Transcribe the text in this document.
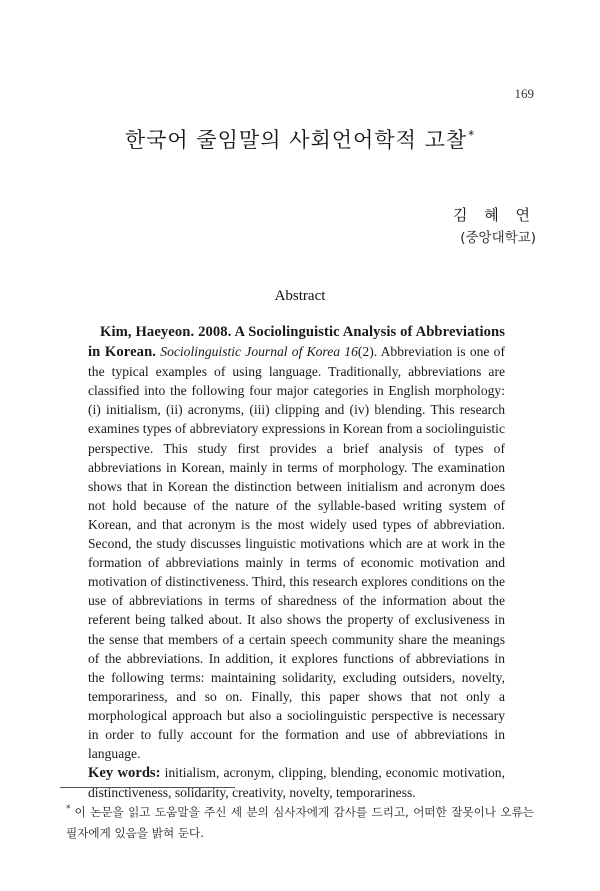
169
한국어 줄임말의 사회언어학적 고찰*
김 혜 연
(중앙대학교)
Abstract
Kim, Haeyeon. 2008. A Sociolinguistic Analysis of Abbreviations in Korean. Sociolinguistic Journal of Korea 16(2). Abbreviation is one of the typical examples of using language. Traditionally, abbreviations are classified into the following four major categories in English morphology: (i) initialism, (ii) acronyms, (iii) clipping and (iv) blending. This research examines types of abbreviatory expressions in Korean from a sociolinguistic perspective. This study first provides a brief analysis of types of abbreviations in Korean, mainly in terms of morphology. The examination shows that in Korean the distinction between initialism and acronym does not hold because of the nature of the syllable-based writing system of Korean, and that acronym is the most widely used types of abbreviation. Second, the study discusses linguistic motivations which are at work in the formation of abbreviations mainly in terms of economic motivation and motivation of distinctiveness. Third, this research explores conditions on the use of abbreviations in terms of sharedness of the information about the referent being talked about. It also shows the property of exclusiveness in the sense that members of a certain speech community share the meanings of the abbreviations. In addition, it explores functions of abbreviations in the following terms: maintaining solidarity, excluding outsiders, novelty, temporariness, and so on. Finally, this paper shows that not only a morphological approach but also a sociolinguistic perspective is necessary in order to fully account for the formation and use of abbreviations in language.

Key words: initialism, acronym, clipping, blending, economic motivation, distinctiveness, solidarity, creativity, novelty, temporariness.

* 이 논문을 읽고 도움말을 주신 세 분의 심사자에게 감사를 드리고, 어떠한 잘못이나 오류는 필자에게 있음을 밝혀 둔다.
